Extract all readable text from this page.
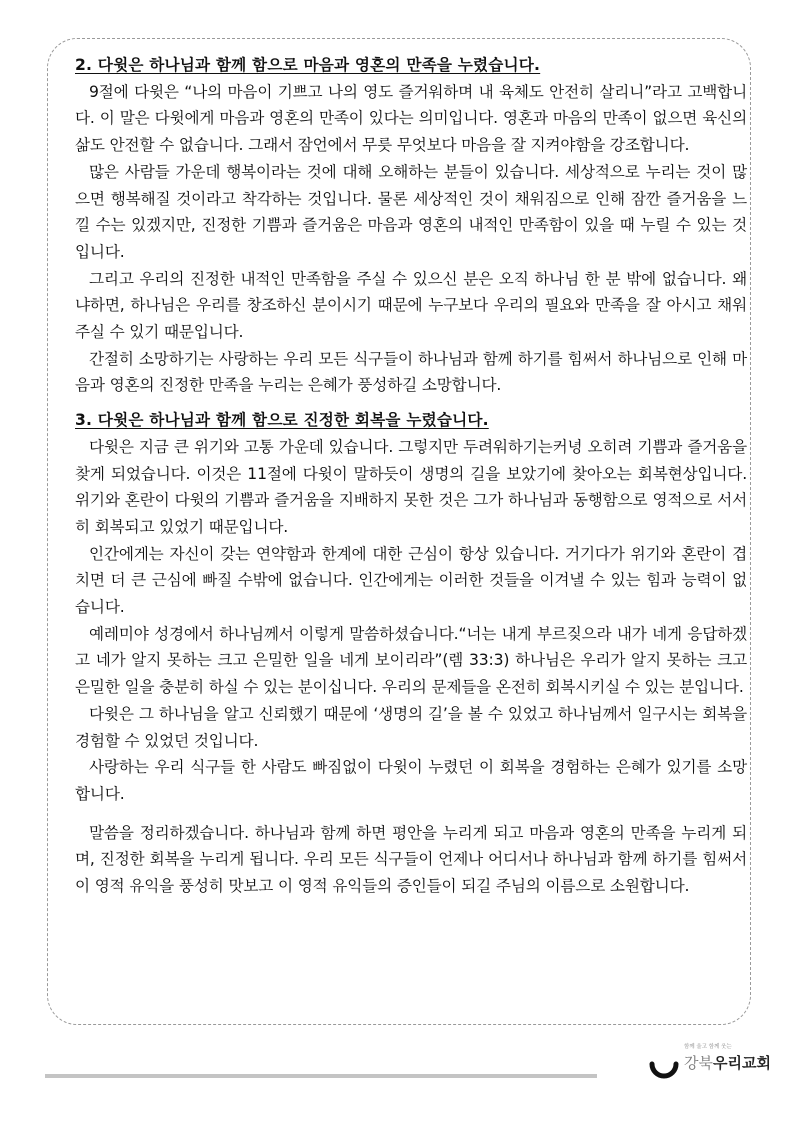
2. 다윗은 하나님과 함께 함으로 마음과 영혼의 만족을 누렸습니다.

9절에 다윗은 “나의 마음이 기쁘고 나의 영도 즐거워하며 내 육체도 안전히 살리니”라고 고백합니다. 이 말은 다윗에게 마음과 영혼의 만족이 있다는 의미입니다. 영혼과 마음의 만족이 없으면 육신의 삶도 안전할 수 없습니다. 그래서 잠언에서 무릇 무엇보다 마음을 잘 지켜야함을 강조합니다.

많은 사람들 가운데 행복이라는 것에 대해 오해하는 분들이 있습니다. 세상적으로 누리는 것이 많으면 행복해질 것이라고 착각하는 것입니다. 물론 세상적인 것이 채워짐으로 인해 잠깐 즐거움을 느낄 수는 있겠지만, 진정한 기쁨과 즐거움은 마음과 영혼의 내적인 만족함이 있을 때 누릴 수 있는 것입니다.

그리고 우리의 진정한 내적인 만족함을 주실 수 있으신 분은 오직 하나님 한 분 밖에 없습니다. 왜냐하면, 하나님은 우리를 창조하신 분이시기 때문에 누구보다 우리의 필요와 만족을 잘 아시고 채워주실 수 있기 때문입니다.

간절히 소망하기는 사랑하는 우리 모든 식구들이 하나님과 함께 하기를 힘써서 하나님으로 인해 마음과 영혼의 진정한 만족을 누리는 은혜가 풍성하길 소망합니다.

3. 다윗은 하나님과 함께 함으로 진정한 회복을 누렸습니다.

다윗은 지금 큰 위기와 고통 가운데 있습니다. 그렇지만 두려워하기는커녕 오히려 기쁨과 즐거움을 찾게 되었습니다. 이것은 11절에 다윗이 말하듯이 생명의 길을 보았기에 찾아오는 회복현상입니다. 위기와 혼란이 다윗의 기쁨과 즐거움을 지배하지 못한 것은 그가 하나님과 동행함으로 영적으로 서서히 회복되고 있었기 때문입니다.

인간에게는 자신이 갖는 연약함과 한계에 대한 근심이 항상 있습니다. 거기다가 위기와 혼란이 겹치면 더 큰 근심에 빠질 수밖에 없습니다. 인간에게는 이러한 것들을 이겨낼 수 있는 힘과 능력이 없습니다.

예레미야 성경에서 하나님께서 이렇게 말씀하셨습니다.“너는 내게 부르짖으라 내가 네게 응답하겠고 네가 알지 못하는 크고 은밀한 일을 네게 보이리라”(렘 33:3) 하나님은 우리가 알지 못하는 크고 은밀한 일을 충분히 하실 수 있는 분이십니다. 우리의 문제들을 온전히 회복시키실 수 있는 분입니다.

다윗은 그 하나님을 알고 신뢰했기 때문에 ‘생명의 길’을 볼 수 있었고 하나님께서 일구시는 회복을 경험할 수 있었던 것입니다.

사랑하는 우리 식구들 한 사람도 빠짐없이 다윗이 누렸던 이 회복을 경험하는 은혜가 있기를 소망합니다.

말씀을 정리하겠습니다. 하나님과 함께 하면 평안을 누리게 되고 마음과 영혼의 만족을 누리게 되며, 진정한 회복을 누리게 됩니다. 우리 모든 식구들이 언제나 어디서나 하나님과 함께 하기를 힘써서 이 영적 유익을 풍성히 맛보고 이 영적 유익들의 증인들이 되길 주님의 이름으로 소원합니다.

함께 울고 함께 웃는
강북우리교회
